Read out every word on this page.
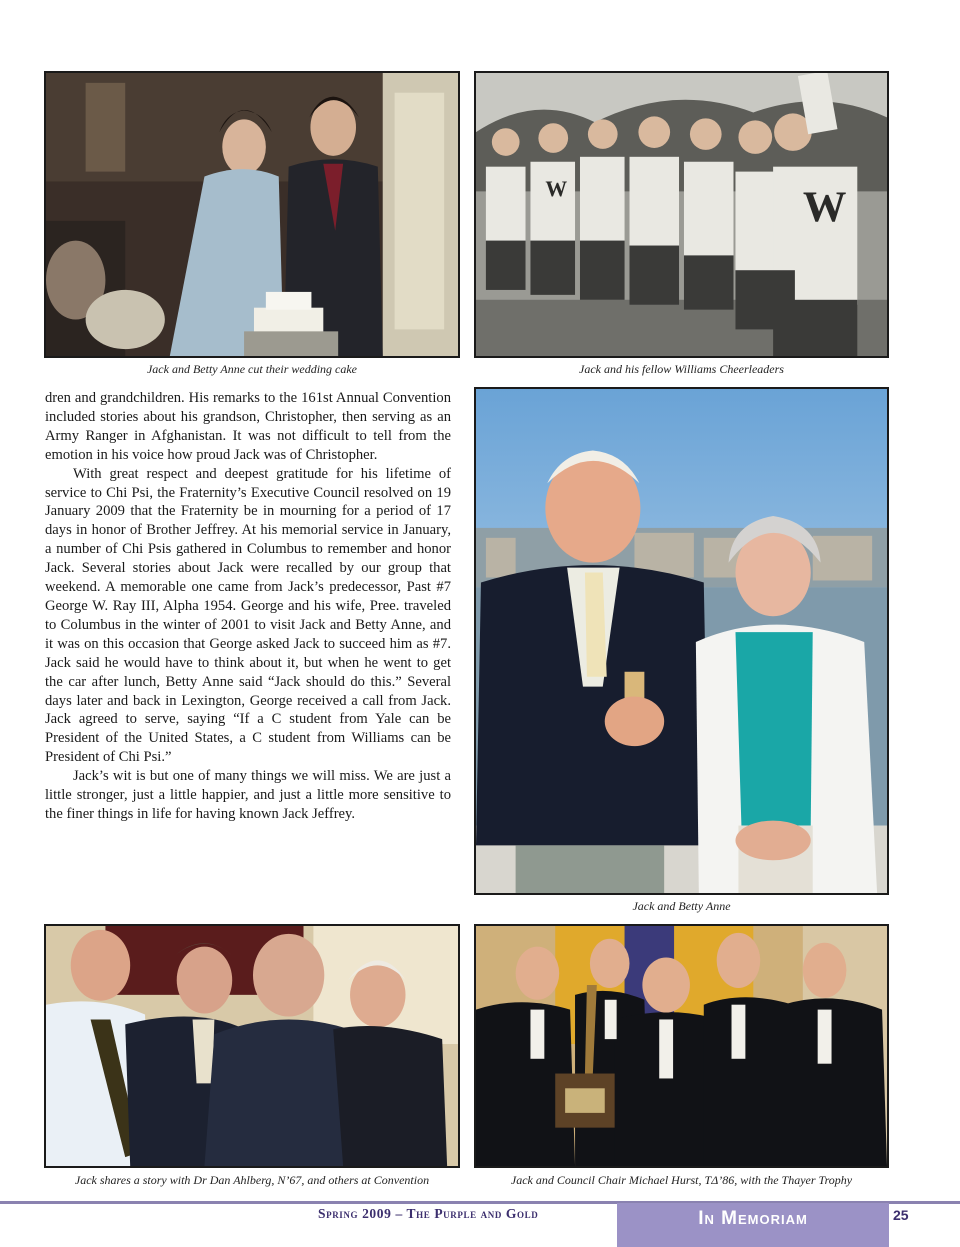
Jack and Betty Anne cut their wedding cake
W
W
Jack and his fellow Williams Cheerleaders

dren and grandchildren. His remarks to the 161st Annual Convention included stories about his grandson, Christopher, then serving as an Army Ranger in Afghanistan. It was not difficult to tell from the emotion in his voice how proud Jack was of Christopher.

With great respect and deepest gratitude for his lifetime of service to Chi Psi, the Fraternity’s Executive Council resolved on 19 January 2009 that the Fraternity be in mourning for a period of 17 days in honor of Brother Jeffrey. At his memorial service in January, a number of Chi Psis gathered in Columbus to remember and honor Jack. Several stories about Jack were recalled by our group that weekend. A memorable one came from Jack’s predecessor, Past #7 George W. Ray III, Alpha 1954. George and his wife, Pree. traveled to Columbus in the winter of 2001 to visit Jack and Betty Anne, and it was on this occasion that George asked Jack to succeed him as #7. Jack said he would have to think about it, but when he went to get the car after lunch, Betty Anne said “Jack should do this.” Several days later and back in Lexington, George received a call from Jack. Jack agreed to serve, saying “If a C student from Yale can be President of the United States, a C student from Williams can be President of Chi Psi.”

Jack’s wit is but one of many things we will miss. We are just a little stronger, just a little happier, and just a little more sensitive to the finer things in life for having known Jack Jeffrey.

Jack and Betty Anne
Jack shares a story with Dr Dan Ahlberg, N’67, and others at Convention	Jack and Council Chair Michael Hurst, TΔ’86, with the Thayer Trophy
Spring 2009 – The Purple and Gold	In Memoriam	25
